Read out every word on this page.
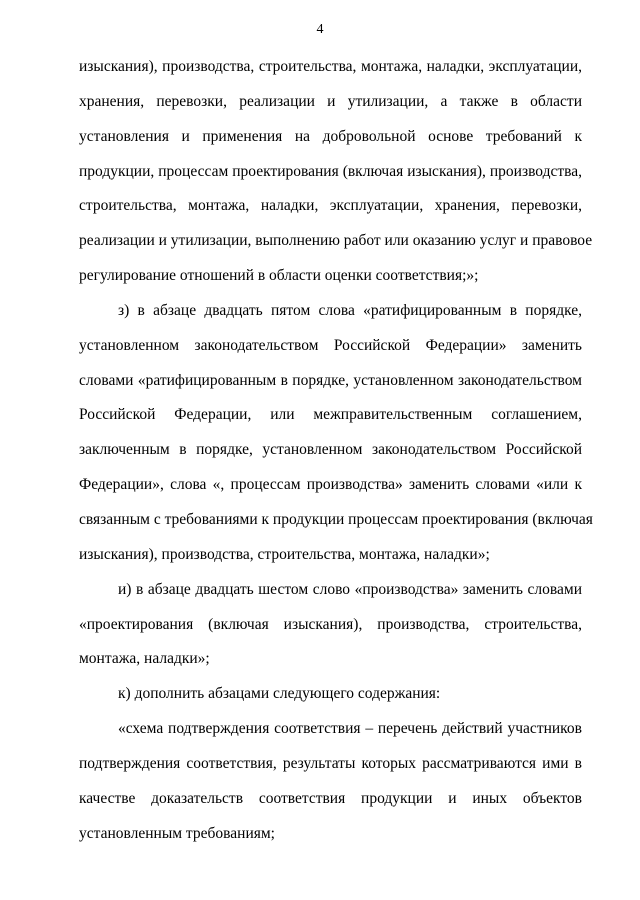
4

изыскания), производства, строительства, монтажа, наладки, эксплуатации,
хранения, перевозки, реализации и утилизации, а также в области
установления и применения на добровольной основе требований к
продукции, процессам проектирования (включая изыскания), производства,
строительства, монтажа, наладки, эксплуатации, хранения, перевозки,
реализации и утилизации, выполнению работ или оказанию услуг и правовое
регулирование отношений в области оценки соответствия;»;

з) в абзаце двадцать пятом слова «ратифицированным в порядке,
установленном законодательством Российской Федерации» заменить
словами «ратифицированным в порядке, установленном законодательством
Российской Федерации, или межправительственным соглашением,
заключенным в порядке, установленном законодательством Российской
Федерации», слова «, процессам производства» заменить словами «или к
связанным с требованиями к продукции процессам проектирования (включая
изыскания), производства, строительства, монтажа, наладки»;

и) в абзаце двадцать шестом слово «производства» заменить словами
«проектирования (включая изыскания), производства, строительства,
монтажа, наладки»;

к) дополнить абзацами следующего содержания:

«схема подтверждения соответствия – перечень действий участников
подтверждения соответствия, результаты которых рассматриваются ими в
качестве доказательств соответствия продукции и иных объектов
установленным требованиям;
